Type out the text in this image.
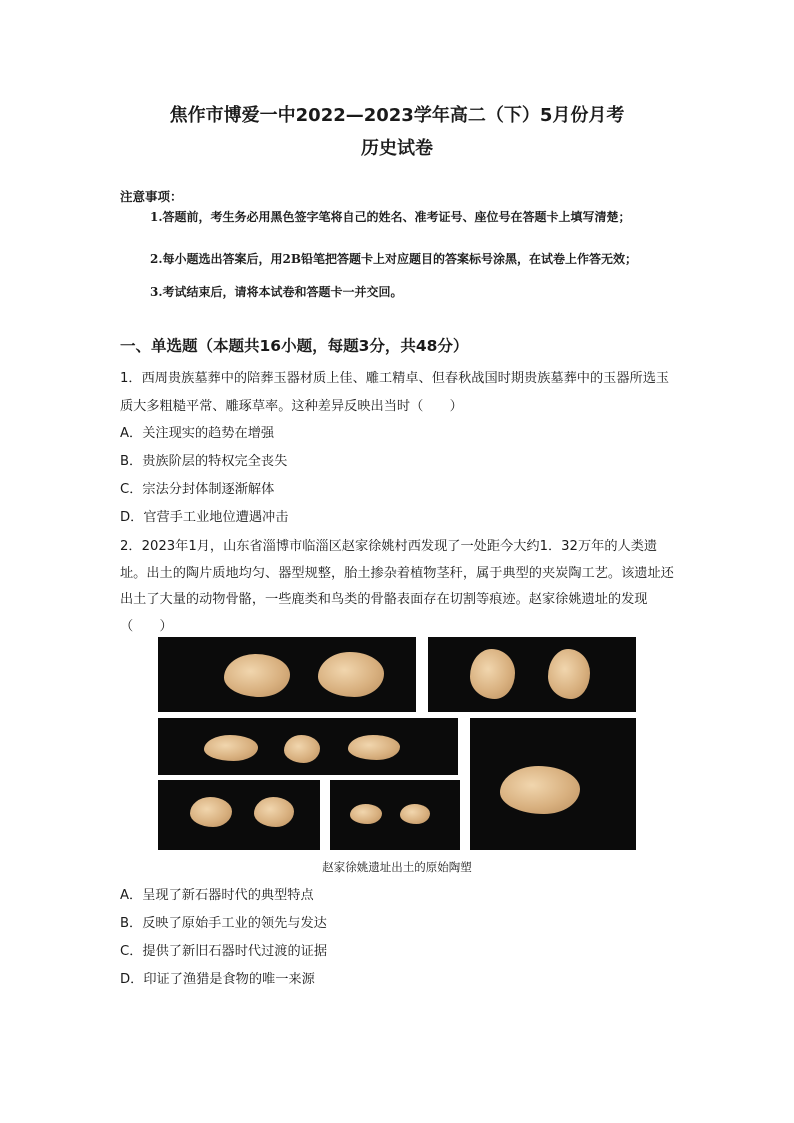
焦作市博爱一中2022—2023学年高二（下）5月份月考
历史试卷
注意事项：
1.答题前，考生务必用黑色签字笔将自己的姓名、准考证号、座位号在答题卡上填写清楚；
2.每小题选出答案后，用2B铅笔把答题卡上对应题目的答案标号涂黑，在试卷上作答无效；
3.考试结束后，请将本试卷和答题卡一并交回。
一、单选题（本题共16小题，每题3分，共48分）
1．西周贵族墓葬中的陪葬玉器材质上佳、雕工精卓、但春秋战国时期贵族墓葬中的玉器所选玉质大多粗糙平常、雕琢草率。这种差异反映出当时（　　）
A．关注现实的趋势在增强
B．贵族阶层的特权完全丧失
C．宗法分封体制逐渐解体
D．官营手工业地位遭遇冲击
2．2023年1月，山东省淄博市临淄区赵家徐姚村西发现了一处距今大约1．32万年的人类遗址。出土的陶片质地均匀、器型规整，胎土掺杂着植物茎秆，属于典型的夹炭陶工艺。该遗址还出土了大量的动物骨骼，一些鹿类和鸟类的骨骼表面存在切割等痕迹。赵家徐姚遗址的发现（　　）
赵家徐姚遗址出土的原始陶塑
A．呈现了新石器时代的典型特点
B．反映了原始手工业的领先与发达
C．提供了新旧石器时代过渡的证据
D．印证了渔猎是食物的唯一来源
